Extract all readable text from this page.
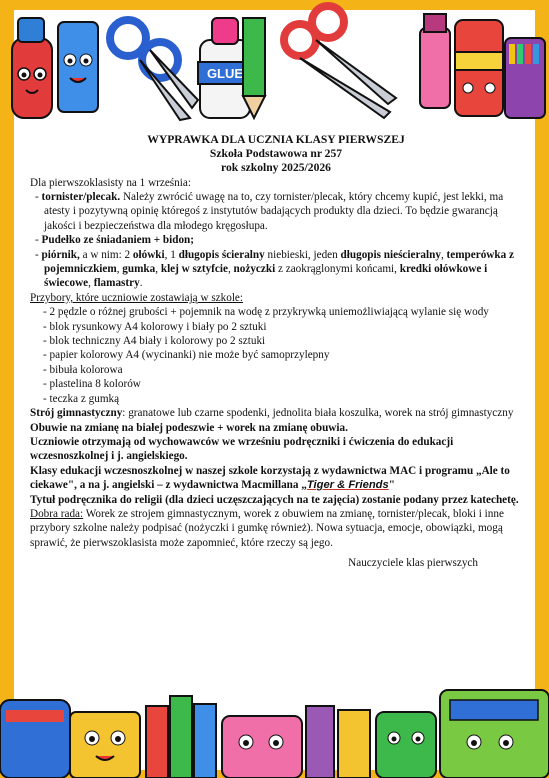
GLUE
WYPRAWKA DLA UCZNIA KLASY PIERWSZEJ
Szkoła Podstawowa nr 257
rok szkolny 2025/2026

Dla pierwszoklasisty na 1 września:

- tornister/plecak. Należy zwrócić uwagę na to, czy tornister/plecak, który chcemy kupić, jest lekki, ma atesty i pozytywną opinię któregoś z instytutów badających produkty dla dzieci. To będzie gwarancją jakości i bezpieczeństwa dla młodego kręgosłupa.

- Pudełko ze śniadaniem + bidon;

- piórnik, a w nim: 2 ołówki, 1 długopis ścieralny niebieski, jeden długopis nieścieralny, temperówka z pojemniczkiem, gumka, klej w sztyfcie, nożyczki z zaokrąglonymi końcami, kredki ołówkowe i świecowe, flamastry.

Przybory, które uczniowie zostawiają w szkole:

- 2 pędzle o różnej grubości + pojemnik na wodę z przykrywką uniemożliwiającą wylanie się wody

- blok rysunkowy A4 kolorowy i biały po 2 sztuki

- blok techniczny A4 biały i kolorowy po 2 sztuki

- papier kolorowy A4 (wycinanki) nie może być samoprzylepny

- bibuła kolorowa

- plastelina 8 kolorów

- teczka z gumką

Strój gimnastyczny: granatowe lub czarne spodenki, jednolita biała koszulka, worek na strój gimnastyczny

Obuwie na zmianę na białej podeszwie + worek na zmianę obuwia.

Uczniowie otrzymają od wychowawców we wrześniu podręczniki i ćwiczenia do edukacji wczesnoszkolnej i j. angielskiego.

Klasy edukacji wczesnoszkolnej w naszej szkole korzystają z wydawnictwa MAC i programu „Ale to ciekawe", a na j. angielski – z wydawnictwa Macmillana „Tiger & Friends"

Tytuł podręcznika do religii (dla dzieci uczęszczających na te zajęcia) zostanie podany przez katechetę.

Dobra rada: Worek ze strojem gimnastycznym, worek z obuwiem na zmianę, tornister/plecak, bloki i inne przybory szkolne należy podpisać (nożyczki i gumkę również). Nowa sytuacja, emocje, obowiązki, mogą sprawić, że pierwszoklasista może zapomnieć, które rzeczy są jego.

Nauczyciele klas pierwszych
